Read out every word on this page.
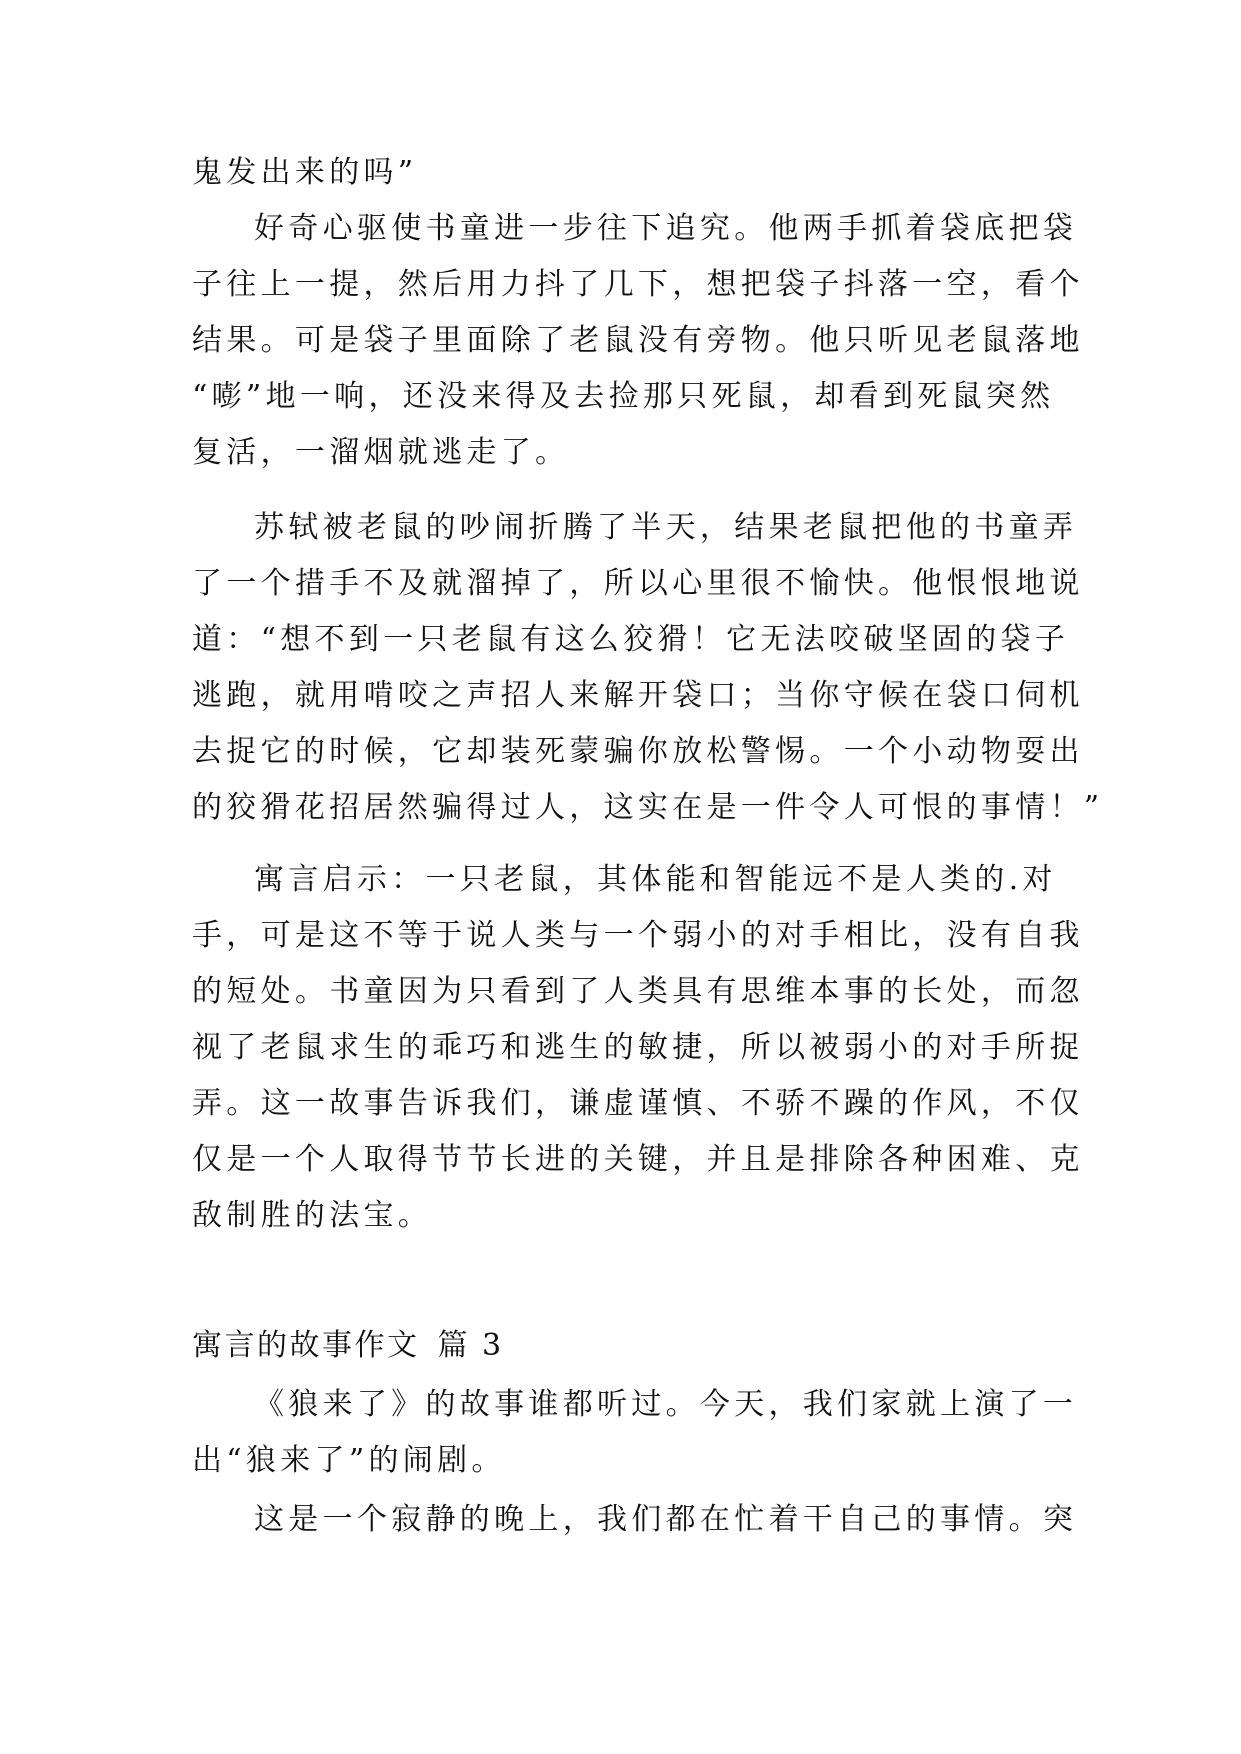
鬼发出来的吗”
好奇心驱使书童进一步往下追究。他两手抓着袋底把袋
子往上一提，然后用力抖了几下，想把袋子抖落一空，看个
结果。可是袋子里面除了老鼠没有旁物。他只听见老鼠落地
“嘭”地一响，还没来得及去捡那只死鼠，却看到死鼠突然
复活，一溜烟就逃走了。
苏轼被老鼠的吵闹折腾了半天，结果老鼠把他的书童弄
了一个措手不及就溜掉了，所以心里很不愉快。他恨恨地说
道：“想不到一只老鼠有这么狡猾！它无法咬破坚固的袋子
逃跑，就用啃咬之声招人来解开袋口；当你守候在袋口伺机
去捉它的时候，它却装死蒙骗你放松警惕。一个小动物耍出
的狡猾花招居然骗得过人，这实在是一件令人可恨的事情！”
寓言启示：一只老鼠，其体能和智能远不是人类的.对
手，可是这不等于说人类与一个弱小的对手相比，没有自我
的短处。书童因为只看到了人类具有思维本事的长处，而忽
视了老鼠求生的乖巧和逃生的敏捷，所以被弱小的对手所捉
弄。这一故事告诉我们，谦虚谨慎、不骄不躁的作风，不仅
仅是一个人取得节节长进的关键，并且是排除各种困难、克
敌制胜的法宝。
寓言的故事作文 篇 3
《狼来了》的故事谁都听过。今天，我们家就上演了一
出“狼来了”的闹剧。
这是一个寂静的晚上，我们都在忙着干自己的事情。突
